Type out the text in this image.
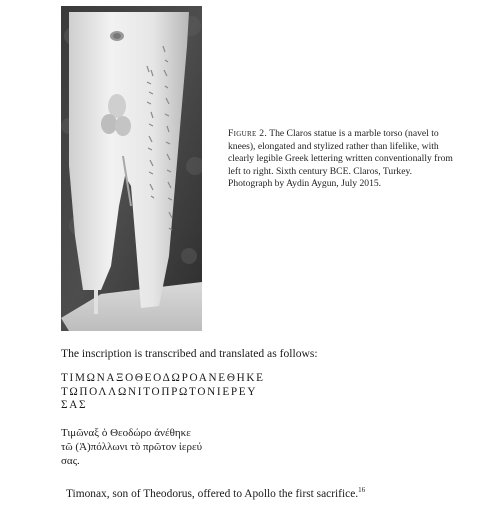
Figure 2. The Claros statue is a marble torso (navel to knees), elongated and stylized rather than lifelike, with clearly legible Greek lettering written conventionally from left to right. Sixth century BCE. Claros, Turkey. Photograph by Aydin Aygun, July 2015.
The inscription is transcribed and translated as follows:
ΤΙΜΩΝΑΞΟΘΕΟΔΩΡΟΑΝΕΘΗΚΕ
ΤΩΠΟΛΛΩΝΙΤΟΠΡΩΤΟΝΙΕΡΕΥ
ΣΑΣ
Τιμῶναξ ὁ Θεοδώρο ἀνέθηκε
τῶ (Ἀ)πόλλωνι τὸ πρῶτον ἱερεύ
σας.
Timonax, son of Theodorus, offered to Apollo the first sacrifice.$^{16}$
